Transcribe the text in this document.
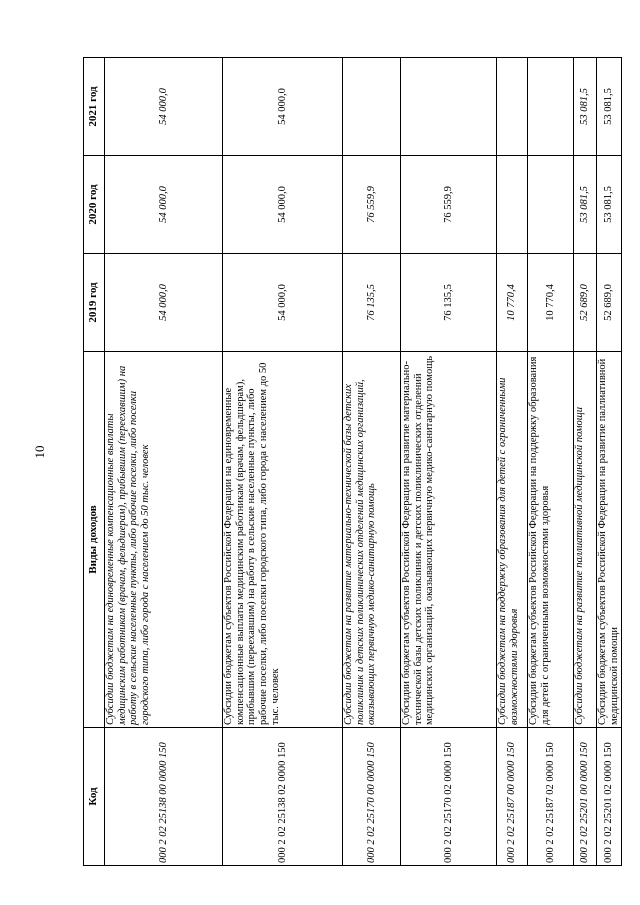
10
Код	Виды доходов	2019 год	2020 год	2021 год
000 2 02 25138 00 0000 150	Субсидии бюджетам на единовременные компенсационные выплаты медицинским работникам (врачам, фельдшерам), прибывшим (переехавшим) на работу в сельские населенные пункты, либо рабочие поселки, либо поселки городского типа, либо города с населением до 50 тыс. человек	54 000,0	54 000,0	54 000,0
000 2 02 25138 02 0000 150	Субсидии бюджетам субъектов Российской Федерации на единовременные компенсационные выплаты медицинским работникам (врачам, фельдшерам), прибывшим (переехавшим) на работу в сельские населенные пункты, либо рабочие поселки, либо поселки городского типа, либо города с населением до 50 тыс. человек	54 000,0	54 000,0	54 000,0
000 2 02 25170 00 0000 150	Субсидии бюджетам на развитие материально-технической базы детских поликлиник и детских поликлинических отделений медицинских организаций, оказывающих первичную медико-санитарную помощь	76 135,5	76 559,9	
000 2 02 25170 02 0000 150	Субсидии бюджетам субъектов Российской Федерации на развитие материально-технической базы детских поликлиник и детских поликлинических отделений медицинских организаций, оказывающих первичную медико-санитарную помощь	76 135,5	76 559,9	
000 2 02 25187 00 0000 150	Субсидии бюджетам на поддержку образования для детей с ограниченными возможностями здоровья	10 770,4		
000 2 02 25187 02 0000 150	Субсидии бюджетам субъектов Российской Федерации на поддержку образования для детей с ограниченными возможностями здоровья	10 770,4		
000 2 02 25201 00 0000 150	Субсидии бюджетам на развитие паллиативной медицинской помощи	52 689,0	53 081,5	53 081,5
000 2 02 25201 02 0000 150	Субсидии бюджетам субъектов Российской Федерации на развитие паллиативной медицинской помощи	52 689,0	53 081,5	53 081,5
